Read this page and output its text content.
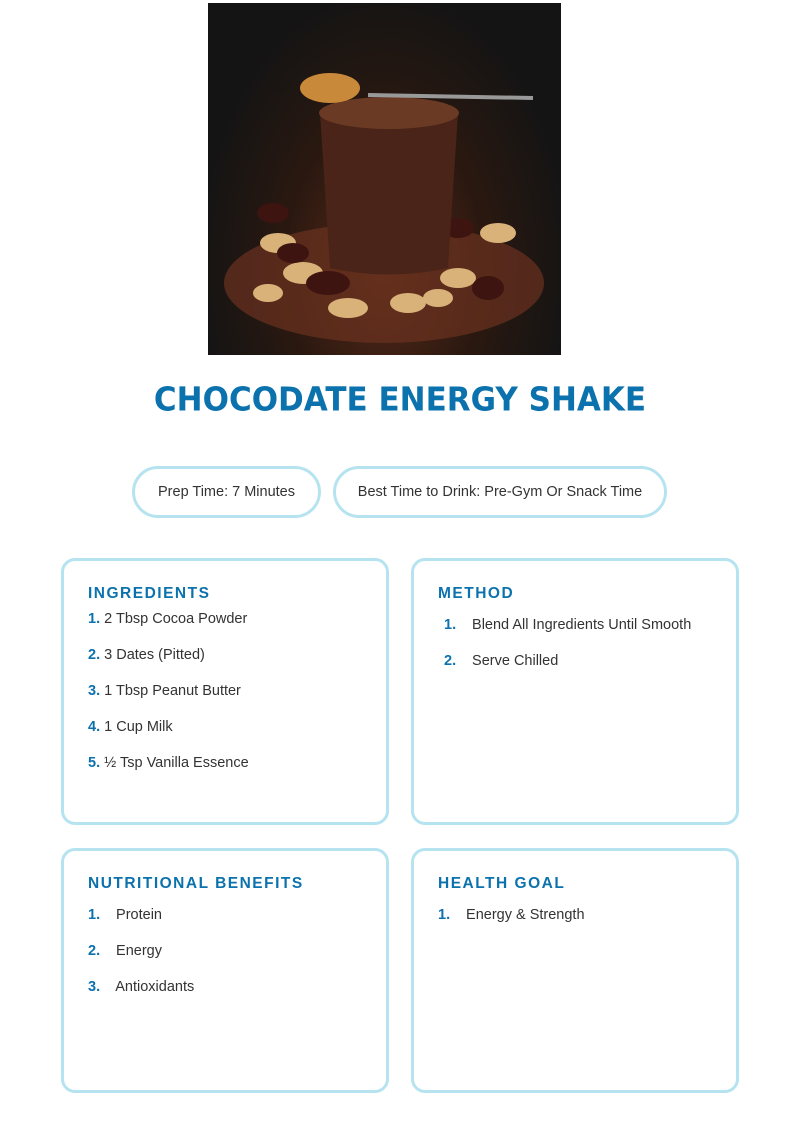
CHOCODATE ENERGY SHAKE
Prep Time: 7 Minutes	Best Time to Drink: Pre-Gym Or Snack Time
INGREDIENTS
1. 2 Tbsp Cocoa Powder
2. 3 Dates (Pitted)
3. 1 Tbsp Peanut Butter
4. 1 Cup Milk
5. ½ Tsp Vanilla Essence
METHOD
1. Blend All Ingredients Until Smooth
2. Serve Chilled
NUTRITIONAL BENEFITS
1. Protein
2. Energy
3. Antioxidants
HEALTH GOAL
1. Energy & Strength
